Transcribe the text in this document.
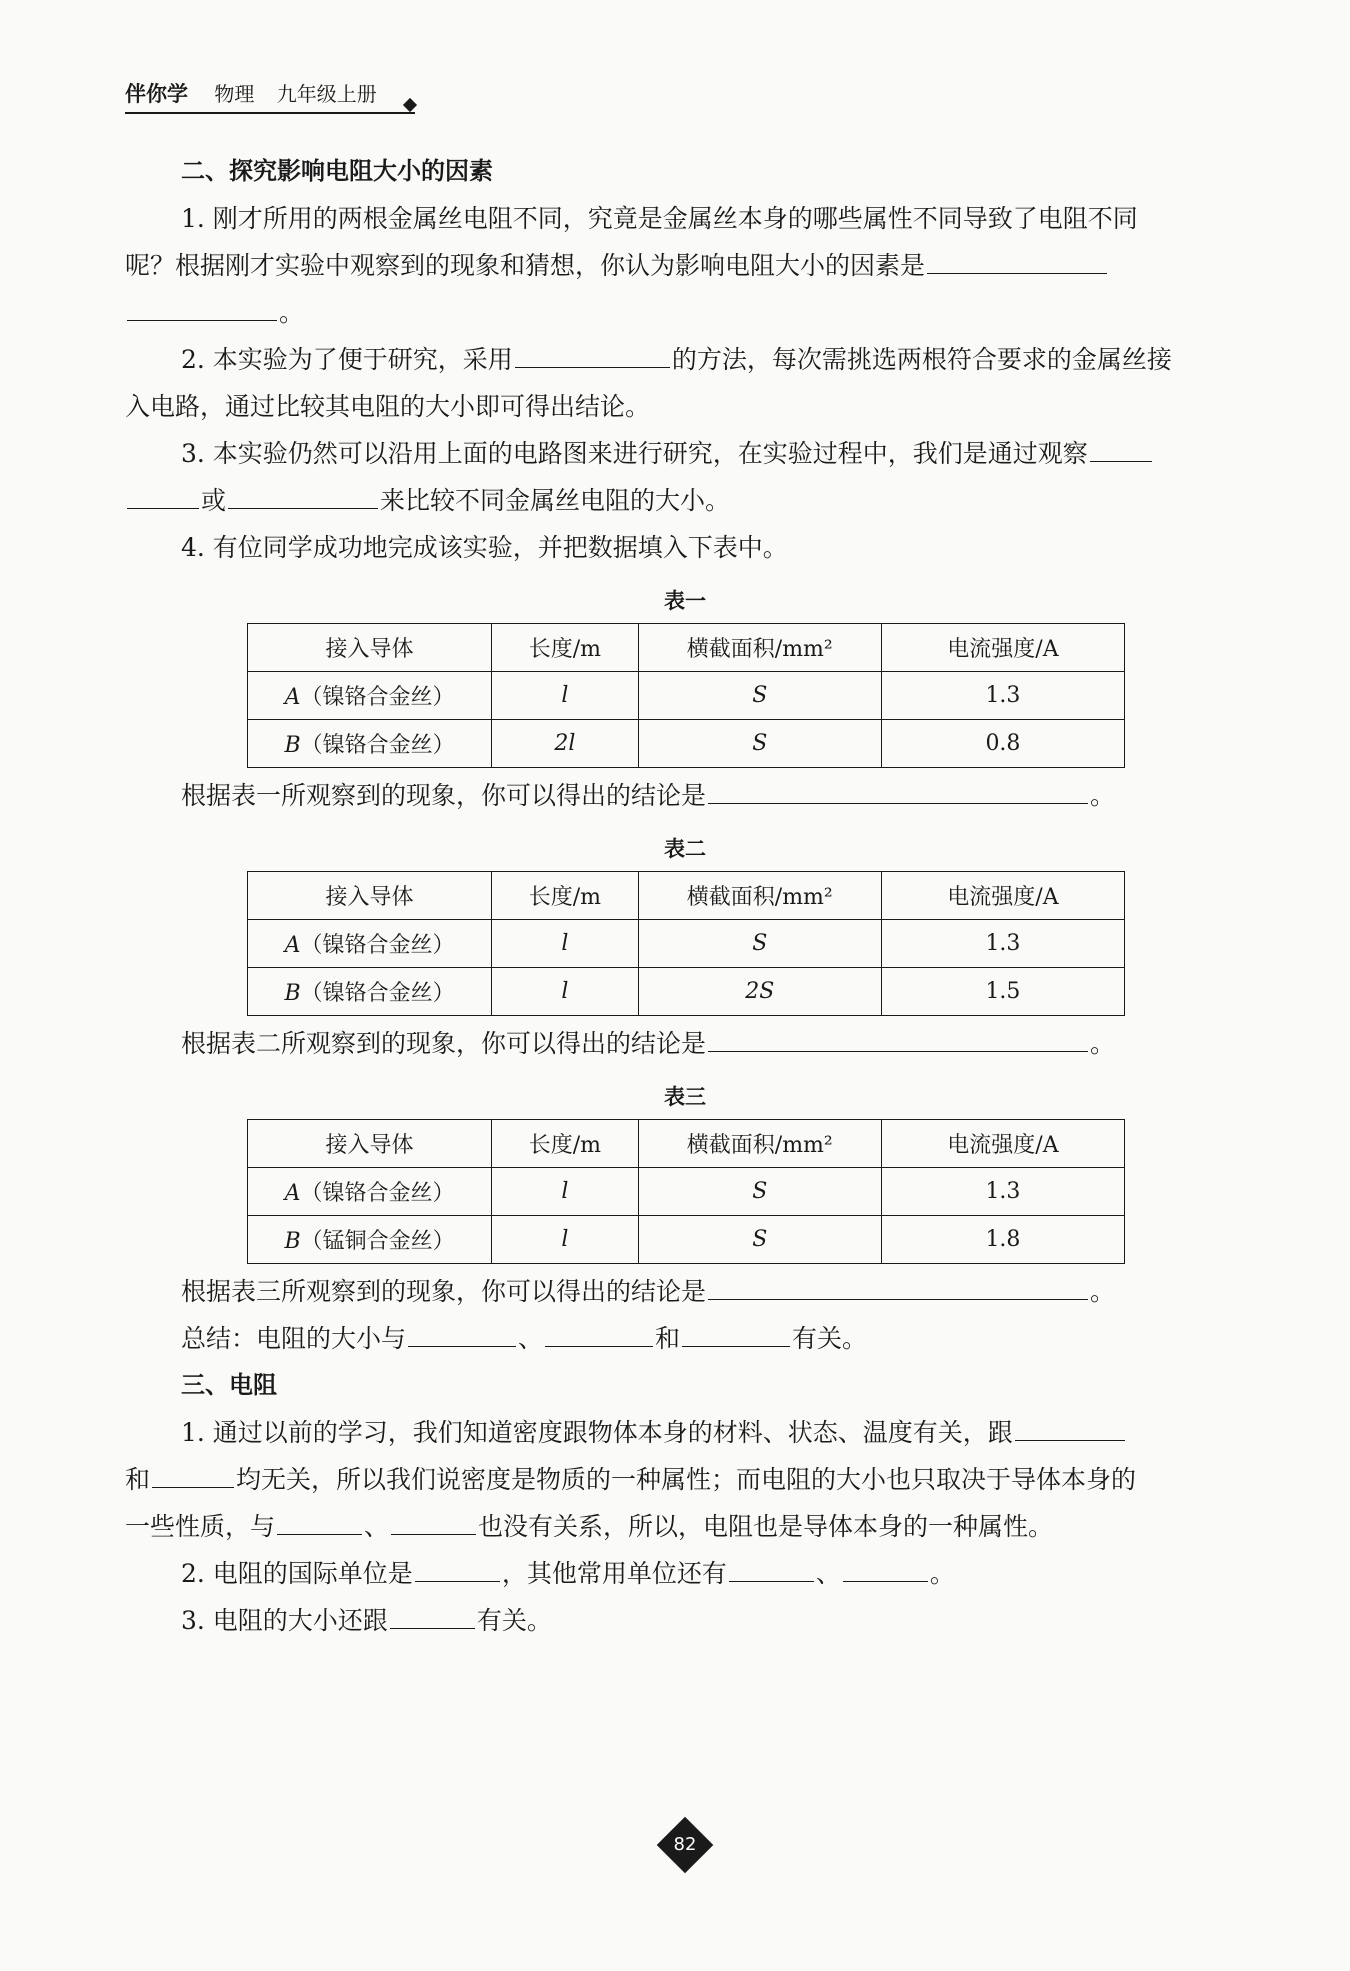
伴你学 物理 九年级上册
二、探究影响电阻大小的因素
1. 刚才所用的两根金属丝电阻不同，究竟是金属丝本身的哪些属性不同导致了电阻不同
呢？根据刚才实验中观察到的现象和猜想，你认为影响电阻大小的因素是
。
2. 本实验为了便于研究，采用	的方法，每次需挑选两根符合要求的金属丝接
入电路，通过比较其电阻的大小即可得出结论。
3. 本实验仍然可以沿用上面的电路图来进行研究，在实验过程中，我们是通过观察
或	来比较不同金属丝电阻的大小。
4. 有位同学成功地完成该实验，并把数据填入下表中。
表一
接入导体	长度/m	横截面积/mm²	电流强度/A
A（镍铬合金丝）	l	S	1.3
B（镍铬合金丝）	2l	S	0.8
根据表一所观察到的现象，你可以得出的结论是	。
表二
接入导体	长度/m	横截面积/mm²	电流强度/A
A（镍铬合金丝）	l	S	1.3
B（镍铬合金丝）	l	2S	1.5
根据表二所观察到的现象，你可以得出的结论是	。
表三
接入导体	长度/m	横截面积/mm²	电流强度/A
A（镍铬合金丝）	l	S	1.3
B（锰铜合金丝）	l	S	1.8
根据表三所观察到的现象，你可以得出的结论是	。
总结：电阻的大小与	、	和	有关。
三、电阻
1. 通过以前的学习，我们知道密度跟物体本身的材料、状态、温度有关，跟
和	均无关，所以我们说密度是物质的一种属性；而电阻的大小也只取决于导体本身的
一些性质，与	、	也没有关系，所以，电阻也是导体本身的一种属性。
2. 电阻的国际单位是	，其他常用单位还有	、	。
3. 电阻的大小还跟	有关。
82
